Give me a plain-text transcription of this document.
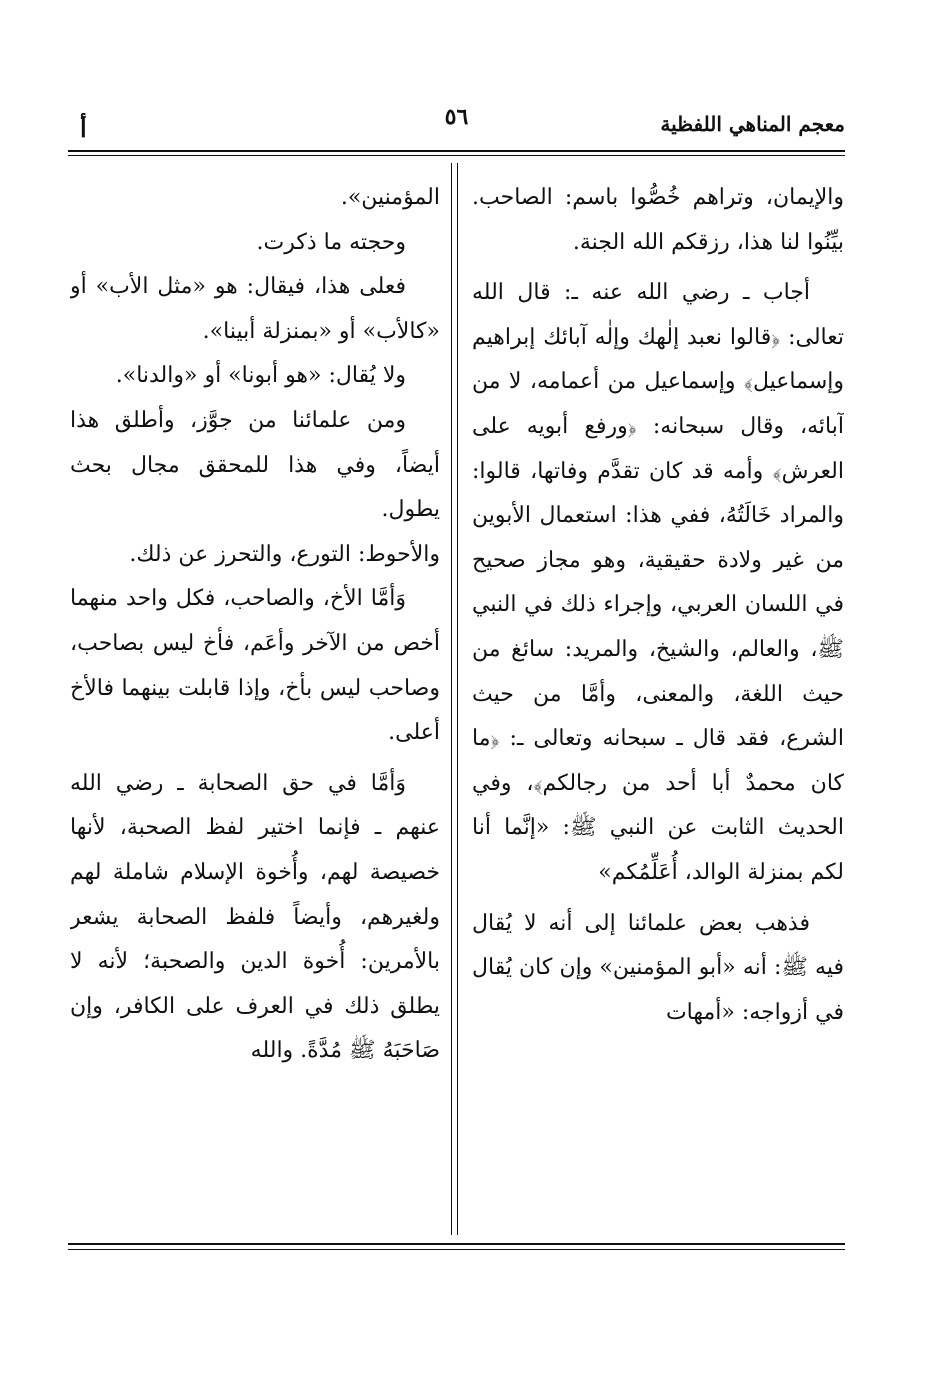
معجم المناهي اللفظية
٥٦
أ

والإيمان، وتراهم خُصُّوا باسم: الصاحب. بيِّنُوا لنا هذا، رزقكم الله الجنة.

أجاب ـ رضي الله عنه ـ: قال الله تعالى: ﴿قالوا نعبد إلٰهك وإلٰه آبائك إبراهيم وإسماعيل﴾ وإسماعيل من أعمامه، لا من آبائه، وقال سبحانه: ﴿ورفع أبويه على العرش﴾ وأمه قد كان تقدَّم وفاتها، قالوا: والمراد خَالَتُهُ، ففي هذا: استعمال الأبوين من غير ولادة حقيقية، وهو مجاز صحيح في اللسان العربي، وإجراء ذلك في النبي ﷺ، والعالم، والشيخ، والمريد: سائغ من حيث اللغة، والمعنى، وأمَّا من حيث الشرع، فقد قال ـ سبحانه وتعالى ـ: ﴿ما كان محمدٌ أبا أحد من رجالكم﴾، وفي الحديث الثابت عن النبي ﷺ: «إنَّما أنا لكم بمنزلة الوالد، أُعَلِّمُكم»

فذهب بعض علمائنا إلى أنه لا يُقال فيه ﷺ: أنه «أبو المؤمنين» وإن كان يُقال في أزواجه: «أمهات

المؤمنين».

وحجته ما ذكرت.

فعلى هذا، فيقال: هو «مثل الأب» أو «كالأب» أو «بمنزلة أبينا».

ولا يُقال: «هو أبونا» أو «والدنا».

ومن علمائنا من جوَّز، وأطلق هذا أيضاً، وفي هذا للمحقق مجال بحث يطول.

والأحوط: التورع، والتحرز عن ذلك.

وَأمَّا الأخ، والصاحب، فكل واحد منهما أخص من الآخر وأعَم، فأخ ليس بصاحب، وصاحب ليس بأخ، وإذا قابلت بينهما فالأخ أعلى.

وَأمَّا في حق الصحابة ـ رضي الله عنهم ـ فإنما اختير لفظ الصحبة، لأنها خصيصة لهم، وأُخوة الإسلام شاملة لهم ولغيرهم، وأيضاً فلفظ الصحابة يشعر بالأمرين: أُخوة الدين والصحبة؛ لأنه لا يطلق ذلك في العرف على الكافر، وإن صَاحَبَهُ ﷺ مُدَّةً. والله
